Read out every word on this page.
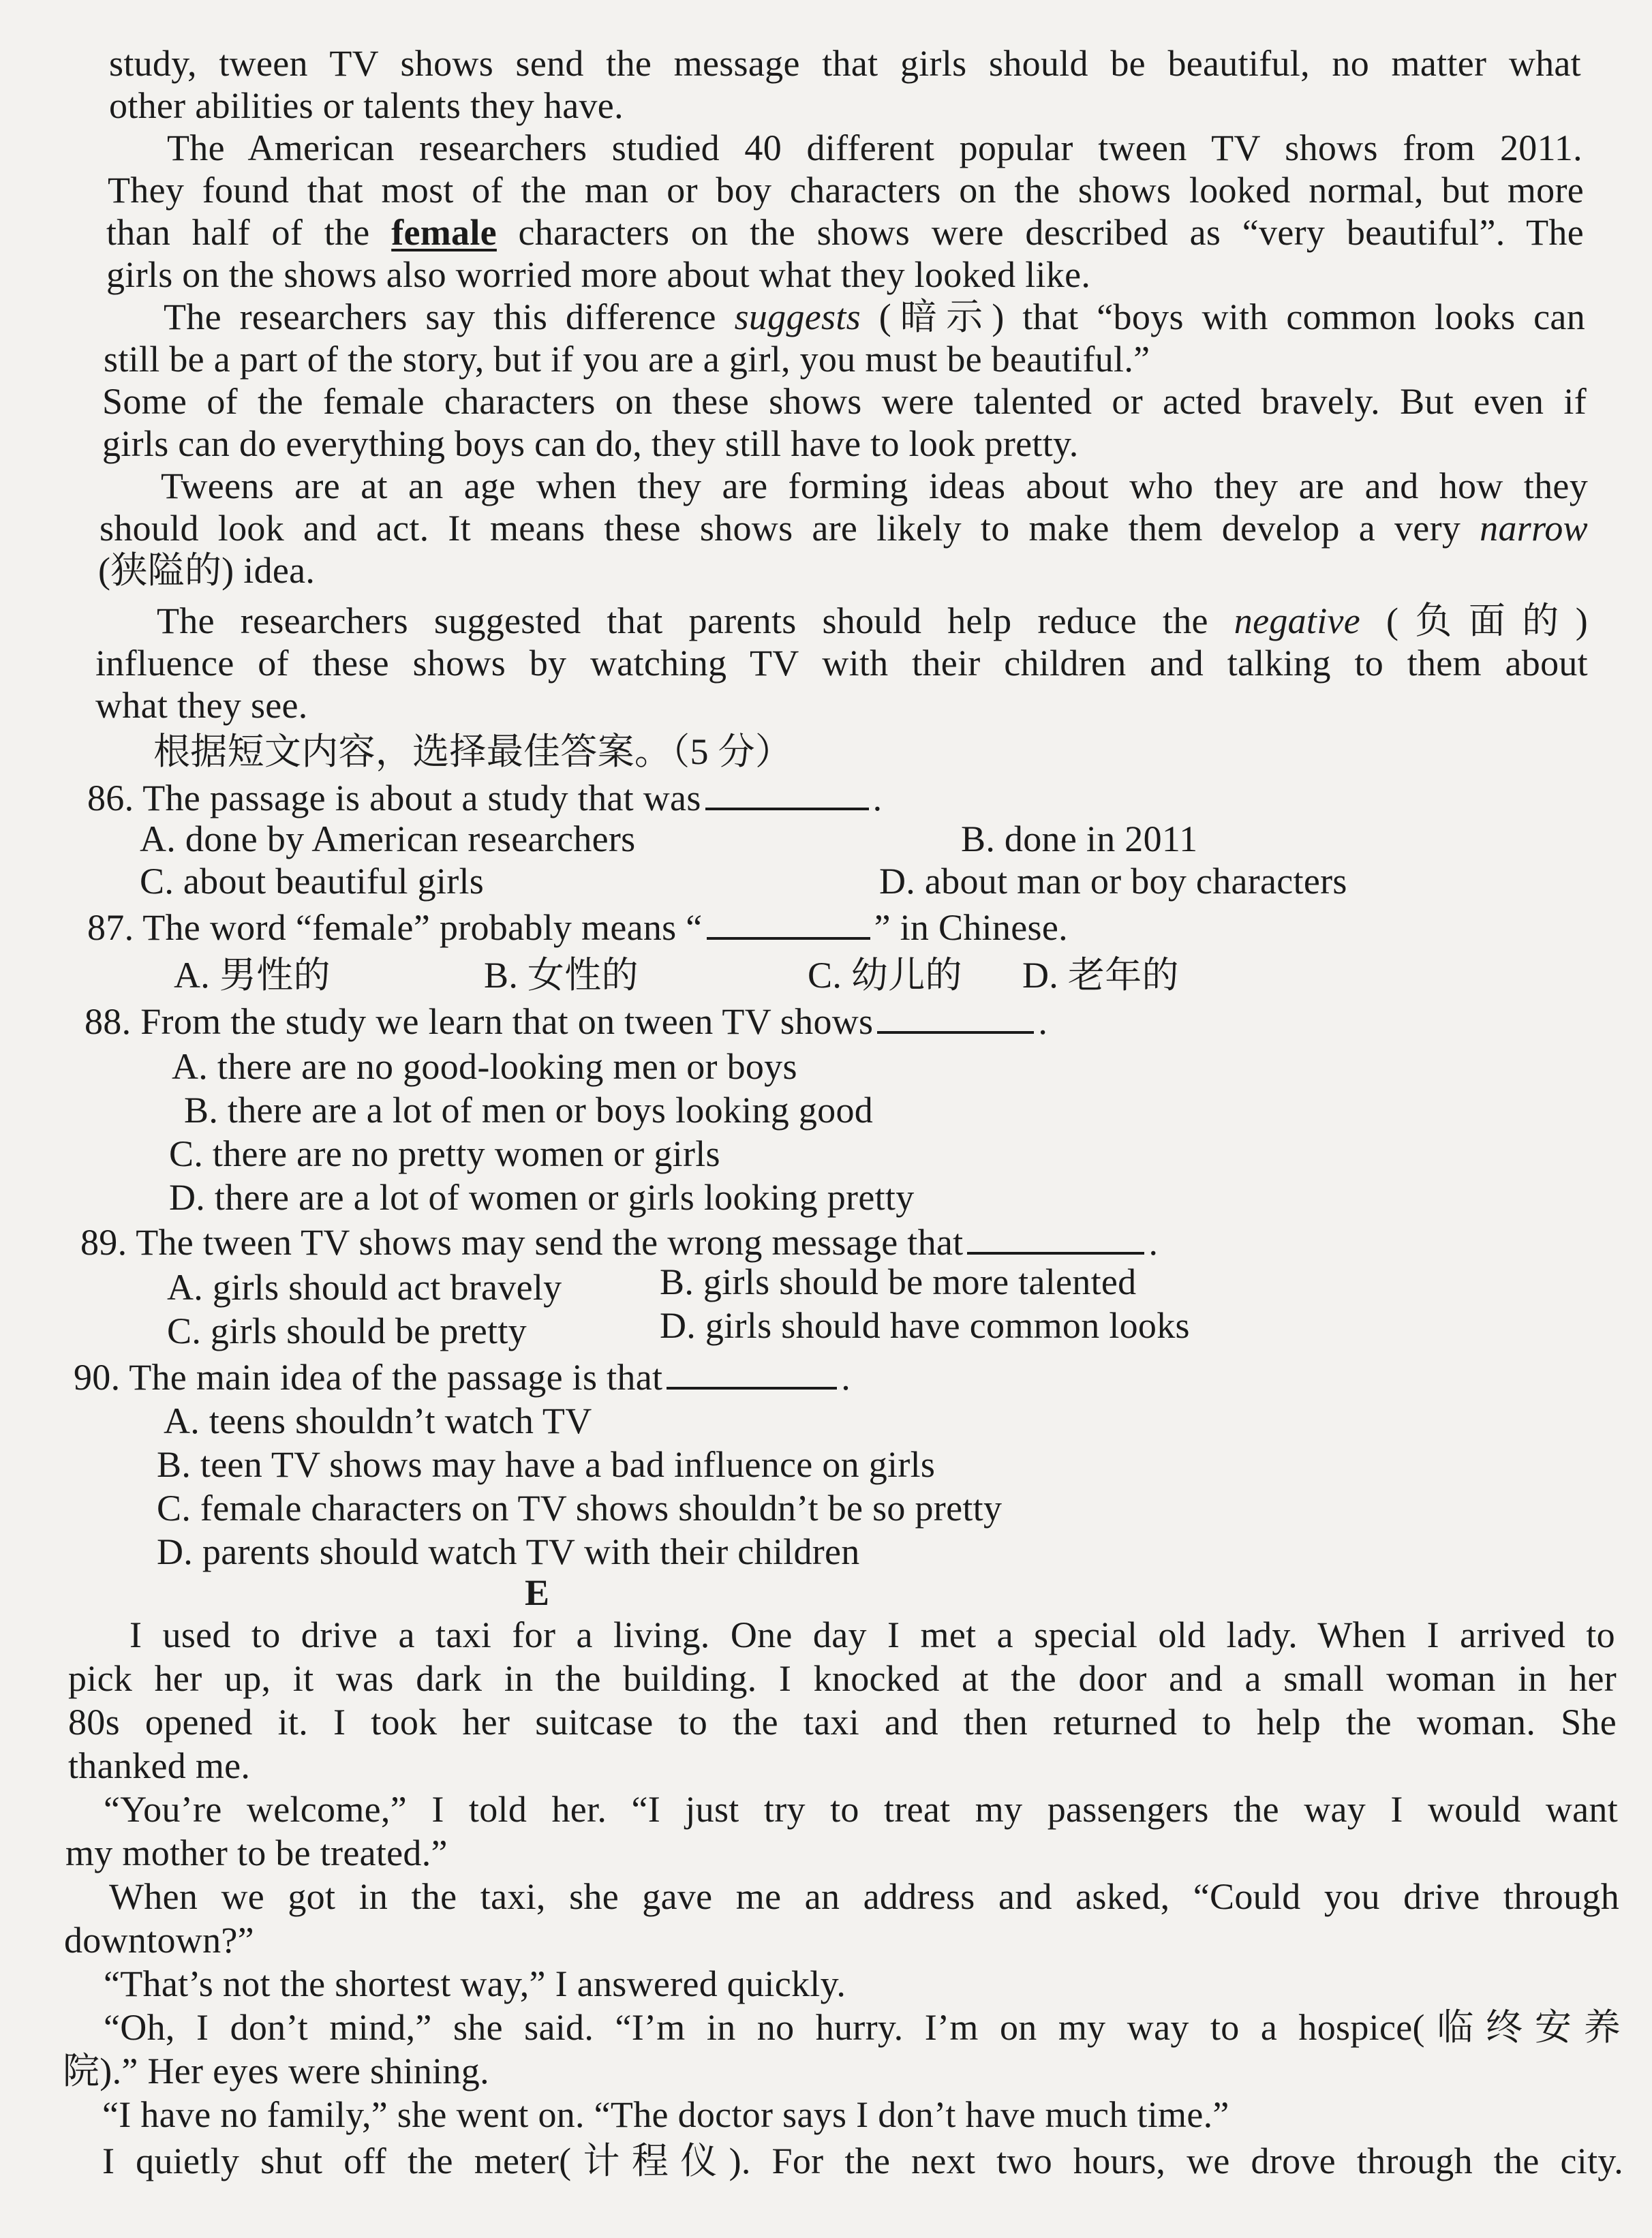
study, tween TV shows send the message that girls should be beautiful, no matter what
other abilities or talents they have.
The American researchers studied 40 different popular tween TV shows from 2011.
They found that most of the man or boy characters on the shows looked normal, but more
than half of the female characters on the shows were described as “very beautiful”. The
girls on the shows also worried more about what they looked like.
The researchers say this difference suggests (暗示) that “boys with common looks can
still be a part of the story, but if you are a girl, you must be beautiful.”
Some of the female characters on these shows were talented or acted bravely. But even if
girls can do everything boys can do, they still have to look pretty.
Tweens are at an age when they are forming ideas about who they are and how they
should look and act. It means these shows are likely to make them develop a very narrow
(狭隘的) idea.
The researchers suggested that parents should help reduce the negative (负面的)
influence of these shows by watching TV with their children and talking to them about
what they see.
根据短文内容，选择最佳答案。（5 分）
86. The passage is about a study that was	.
A. done by American researchers	B. done in 2011
C. about beautiful girls	D. about man or boy characters
87. The word “female” probably means “	” in Chinese.
A. 男性的	B. 女性的	C. 幼儿的 D. 老年的
88. From the study we learn that on tween TV shows	.
A. there are no good-looking men or boys
B. there are a lot of men or boys looking good
C. there are no pretty women or girls
D. there are a lot of women or girls looking pretty
89. The tween TV shows may send the wrong message that	.
A. girls should act bravely	B. girls should be more talented
C. girls should be pretty	D. girls should have common looks
90. The main idea of the passage is that	.
A. teens shouldn’t watch TV
B. teen TV shows may have a bad influence on girls
C. female characters on TV shows shouldn’t be so pretty
D. parents should watch TV with their children
E
I used to drive a taxi for a living. One day I met a special old lady. When I arrived to
pick her up, it was dark in the building. I knocked at the door and a small woman in her
80s opened it. I took her suitcase to the taxi and then returned to help the woman. She
thanked me.
“You’re welcome,” I told her. “I just try to treat my passengers the way I would want
my mother to be treated.”
When we got in the taxi, she gave me an address and asked, “Could you drive through
downtown?”
“That’s not the shortest way,” I answered quickly.
“Oh, I don’t mind,” she said. “I’m in no hurry. I’m on my way to a hospice(临终安养
院).” Her eyes were shining.
“I have no family,” she went on. “The doctor says I don’t have much time.”
I quietly shut off the meter(计程仪). For the next two hours, we drove through the city.
